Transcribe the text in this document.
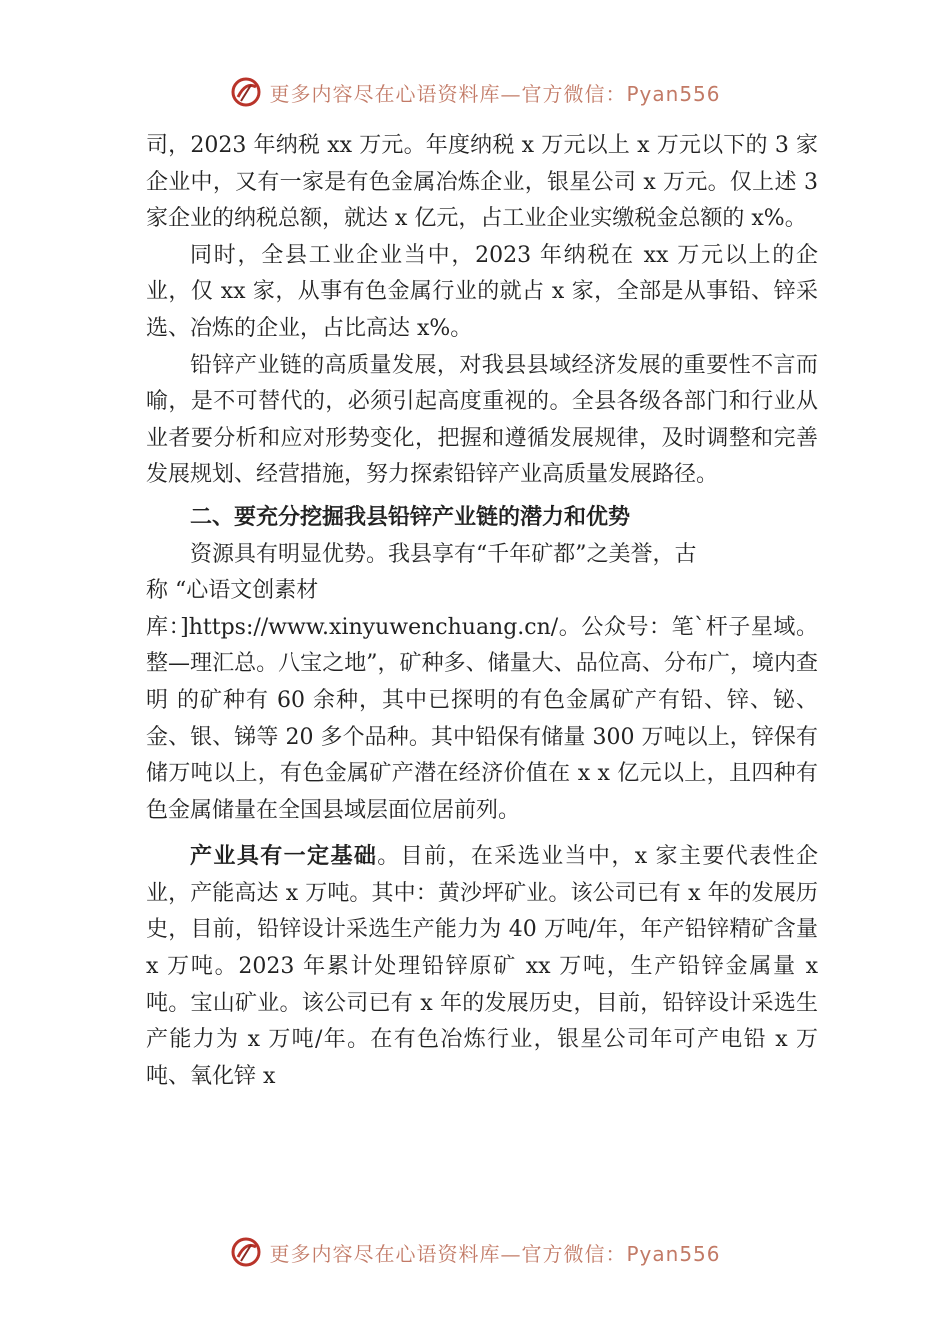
更多内容尽在心语资料库—官方微信：Pyan556

司，2023 年纳税 xx 万元。年度纳税 x 万元以上 x 万元以下的 3 家企业中，又有一家是有色金属冶炼企业，银星公司 x 万元。仅上述 3 家企业的纳税总额，就达 x 亿元，占工业企业实缴税金总额的 x%。

同时，全县工业企业当中，2023 年纳税在 xx 万元以上的企业，仅 xx 家，从事有色金属行业的就占 x 家，全部是从事铅、锌采选、冶炼的企业，占比高达 x%。

铅锌产业链的高质量发展，对我县县域经济发展的重要性不言而喻，是不可替代的，必须引起高度重视的。全县各级各部门和行业从业者要分析和应对形势变化，把握和遵循发展规律，及时调整和完善发展规划、经营措施，努力探索铅锌产业高质量发展路径。

二、要充分挖掘我县铅锌产业链的潜力和优势

资源具有明显优势。我县享有“千年矿都”之美誉，古

称 “心语文创素材

库：]https://www.xinyuwenchuang.cn/。公众号：笔`杆子星域。整—理汇总。八宝之地”，矿种多、储量大、品位高、分布广，境内查明 的矿种有 60 余种，其中已探明的有色金属矿产有铅、锌、铋、金、银、锑等 20 多个品种。其中铅保有储量 300 万吨以上，锌保有储万吨以上，有色金属矿产潜在经济价值在 x x 亿元以上，且四种有色金属储量在全国县域层面位居前列。

产业具有一定基础。目前，在采选业当中，x 家主要代表性企业，产能高达 x 万吨。其中：黄沙坪矿业。该公司已有 x 年的发展历史，目前，铅锌设计采选生产能力为 40 万吨/年，年产铅锌精矿含量 x 万吨。2023 年累计处理铅锌原矿 xx 万吨，生产铅锌金属量 x 吨。宝山矿业。该公司已有 x 年的发展历史，目前，铅锌设计采选生产能力为 x 万吨/年。在有色冶炼行业，银星公司年可产电铅 x 万吨、氧化锌 x

更多内容尽在心语资料库—官方微信：Pyan556
